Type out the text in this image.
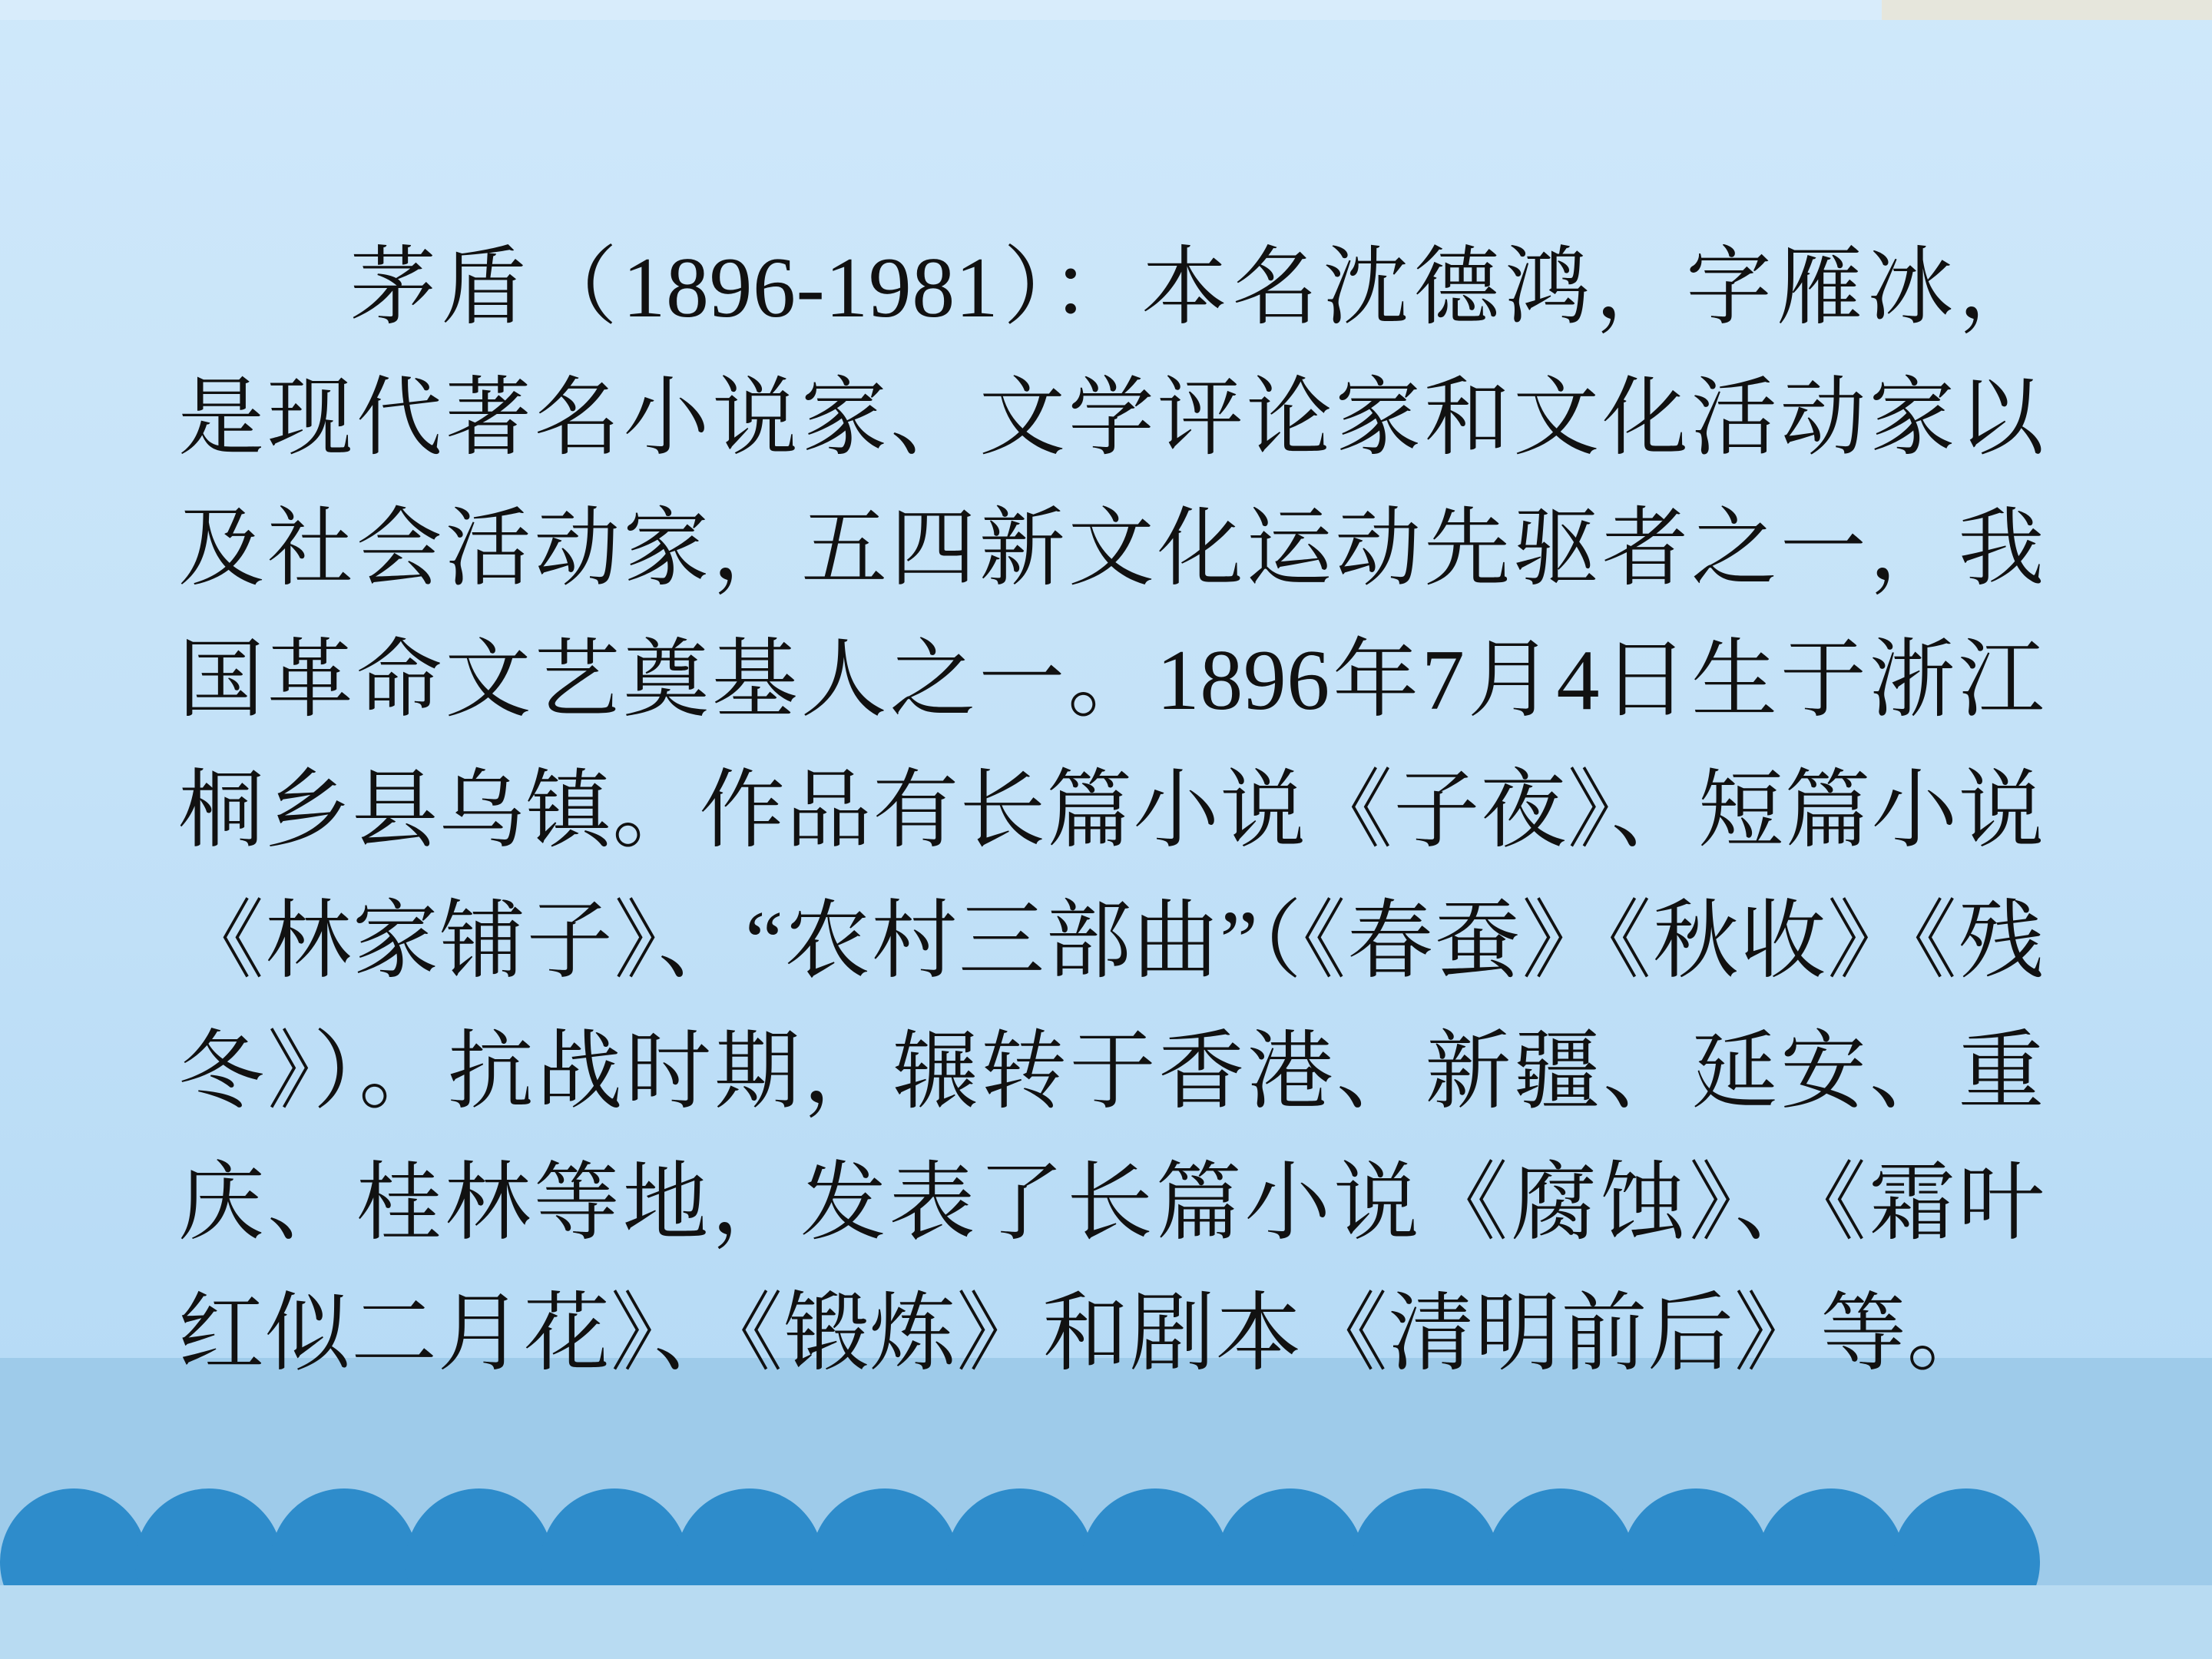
茅盾（1896-1981）：本名沈德鸿，字雁冰，是现代著名小说家、文学评论家和文化活动家以及社会活动家，五四新文化运动先驱者之一，我国革命文艺奠基人之一。1896年7月4日生于浙江桐乡县乌镇。作品有长篇小说《子夜》、短篇小说《林家铺子》、“农村三部曲”（《春蚕》《秋收》《残冬》）。抗战时期，辗转于香港、新疆、延安、重庆、桂林等地，发表了长篇小说《腐蚀》、《霜叶红似二月花》、《锻炼》和剧本《清明前后》等。
